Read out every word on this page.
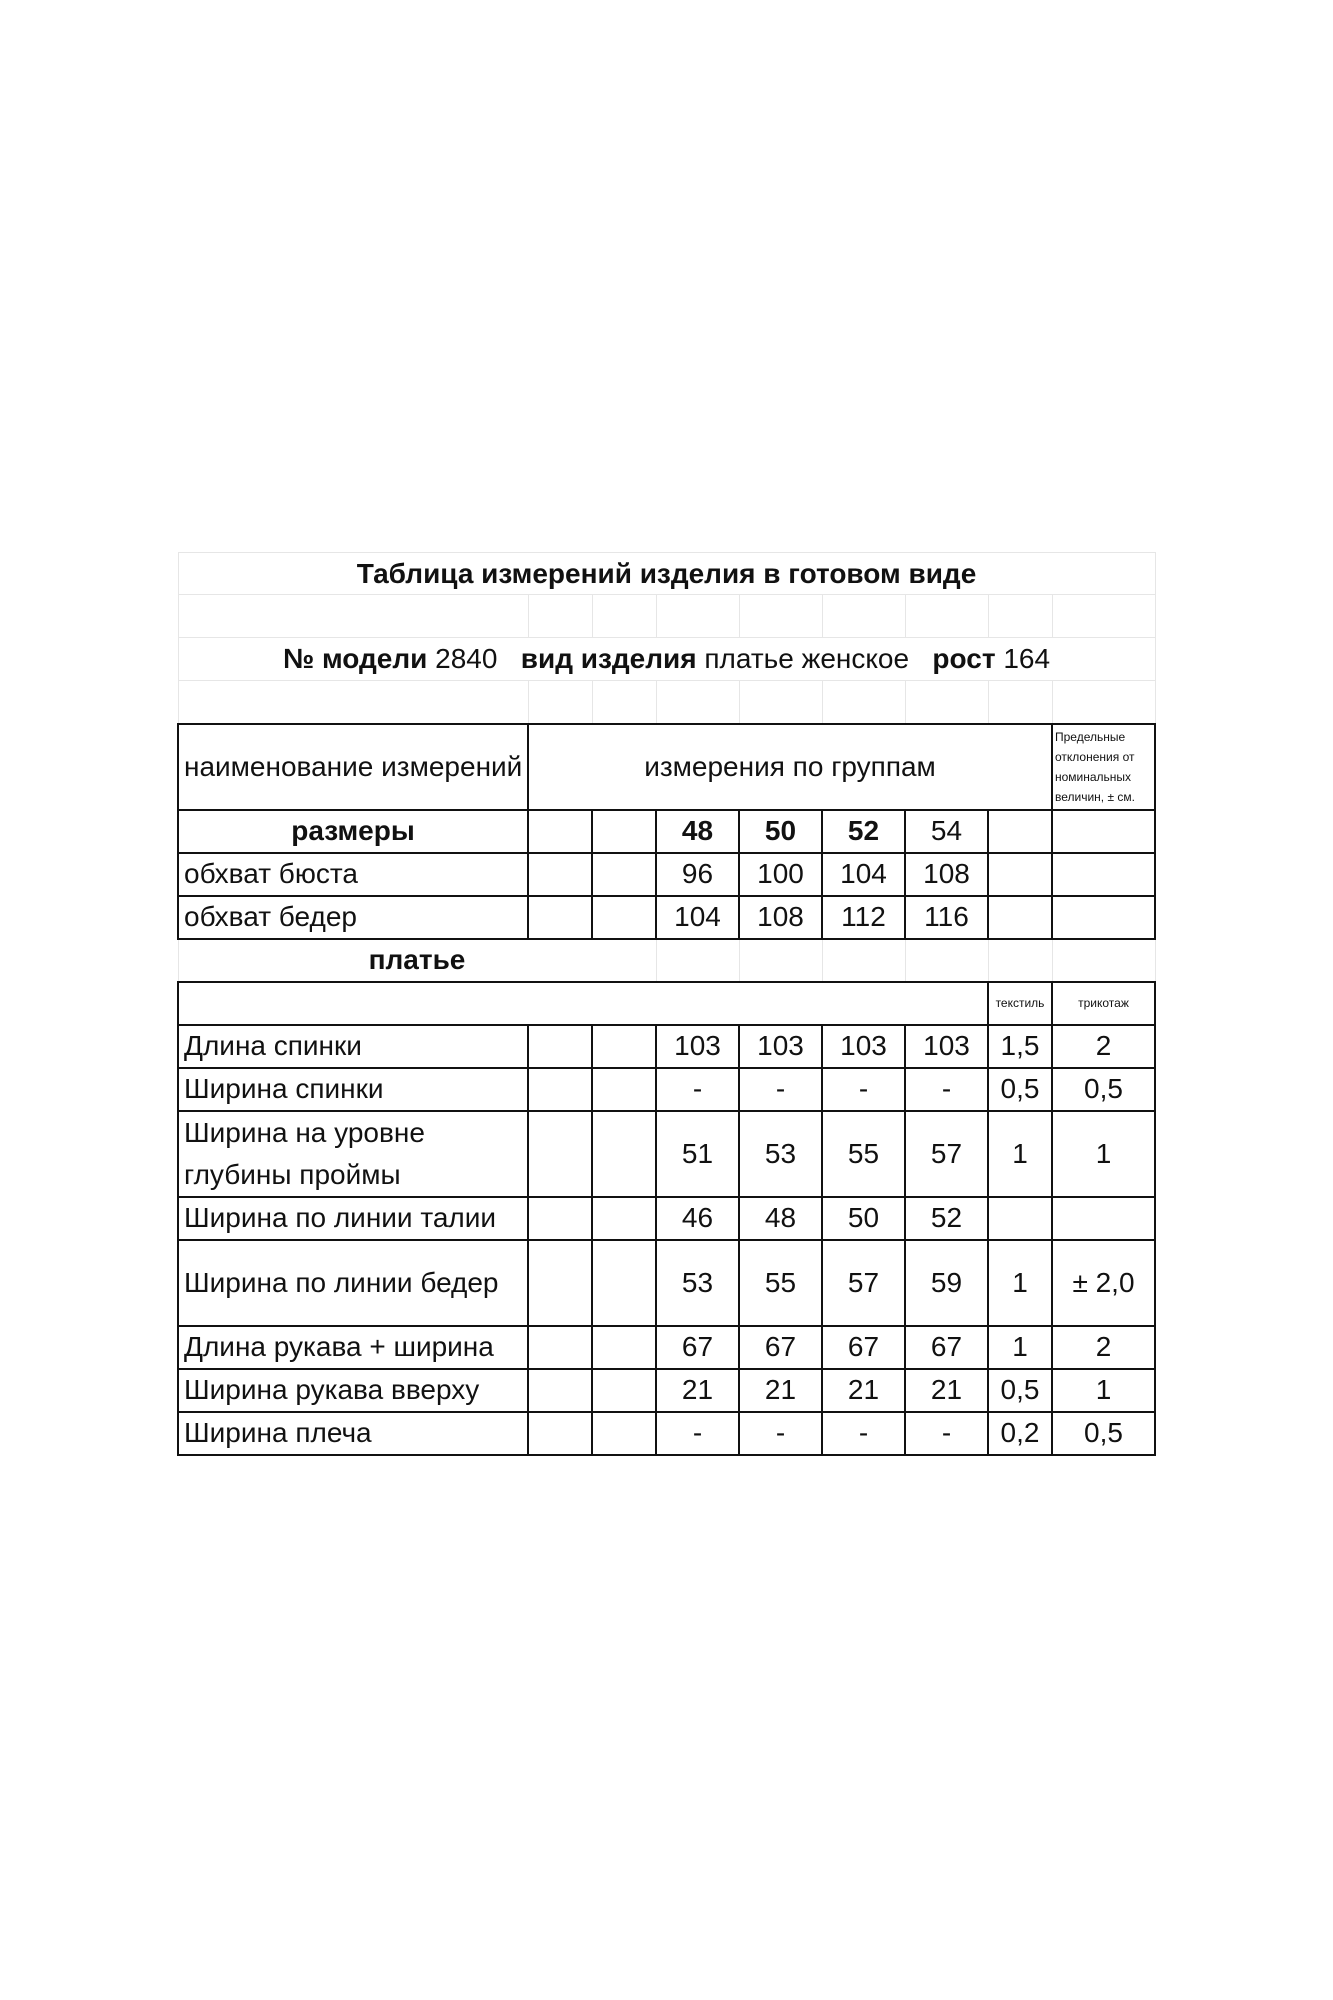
Таблица измерений изделия в готовом виде								

№ модели 2840 вид изделия платье женское рост 164								

наименование измерений	измерения по группам							Предельные отклонения от номинальных величин, ± см.
размеры			48	50	52	54		
обхват бюста			96	100	104	108		
обхват бедер			104	108	112	116		
платье								
							текстиль	трикотаж
Длина спинки			103	103	103	103	1,5	2
Ширина спинки			-	-	-	-	0,5	0,5
Ширина на уровне глубины проймы			51	53	55	57	1	1
Ширина по линии талии			46	48	50	52		
Ширина по линии бедер			53	55	57	59	1	± 2,0
Длина рукава + ширина			67	67	67	67	1	2
Ширина рукава вверху			21	21	21	21	0,5	1
Ширина плеча			-	-	-	-	0,2	0,5
